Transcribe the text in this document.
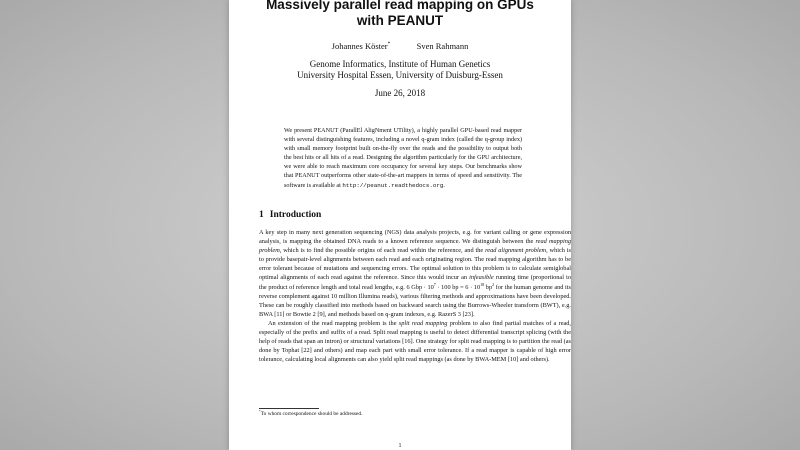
Massively parallel read mapping on GPUs
with PEANUT
Johannes Köster*	Sven Rahmann
Genome Informatics, Institute of Human Genetics
University Hospital Essen, University of Duisburg-Essen
June 26, 2018

We present PEANUT (ParallEl AligNment UTility), a highly parallel GPU-based read mapper with several distinguishing features, including a novel q-gram index (called the q-group index) with small memory footprint built on-the-fly over the reads and the possibility to output both the best hits or all hits of a read. Designing the algorithm particularly for the GPU architecture, we were able to reach maximum core occupancy for several key steps. Our benchmarks show that PEANUT outperforms other state-of-the-art mappers in terms of speed and sensitivity. The software is available at http://peanut.readthedocs.org.

1 Introduction

A key step in many next generation sequencing (NGS) data analysis projects, e.g. for variant calling or gene expression analysis, is mapping the obtained DNA reads to a known reference sequence. We distinguish between the read mapping problem, which is to find the possible origins of each read within the reference, and the read alignment problem, which is to provide basepair-level alignments between each read and each originating region. The read mapping algorithm has to be error tolerant because of mutations and sequencing errors. The optimal solution to this problem is to calculate semiglobal optimal alignments of each read against the reference. Since this would incur an infeasible running time (proportional to the product of reference length and total read lengths, e.g. 6 Gbp · $10^7 \cdot 100$ bp = $6 \cdot 10^{18}$ $bp^2$ for the human genome and its reverse complement against 10 million Illumina reads), various filtering methods and approximations have been developed. These can be roughly classified into methods based on backward search using the Burrows-Wheeler transform (BWT), e.g. BWA [11] or Bowtie 2 [9], and methods based on q-gram indexes, e.g. RazerS 3 [23].

An extension of the read mapping problem is the split read mapping problem to also find partial matches of a read, especially of the prefix and suffix of a read. Split read mapping is useful to detect differential transcript splicing (with the help of reads that span an intron) or structural variations [16]. One strategy for split read mapping is to partition the read (as done by Tophat [22] and others) and map each part with small error tolerance. If a read mapper is capable of high error tolerance, calculating local alignments can also yield split read mappings (as done by BWA-MEM [10] and others).

*To whom correspondence should be addressed.
1
